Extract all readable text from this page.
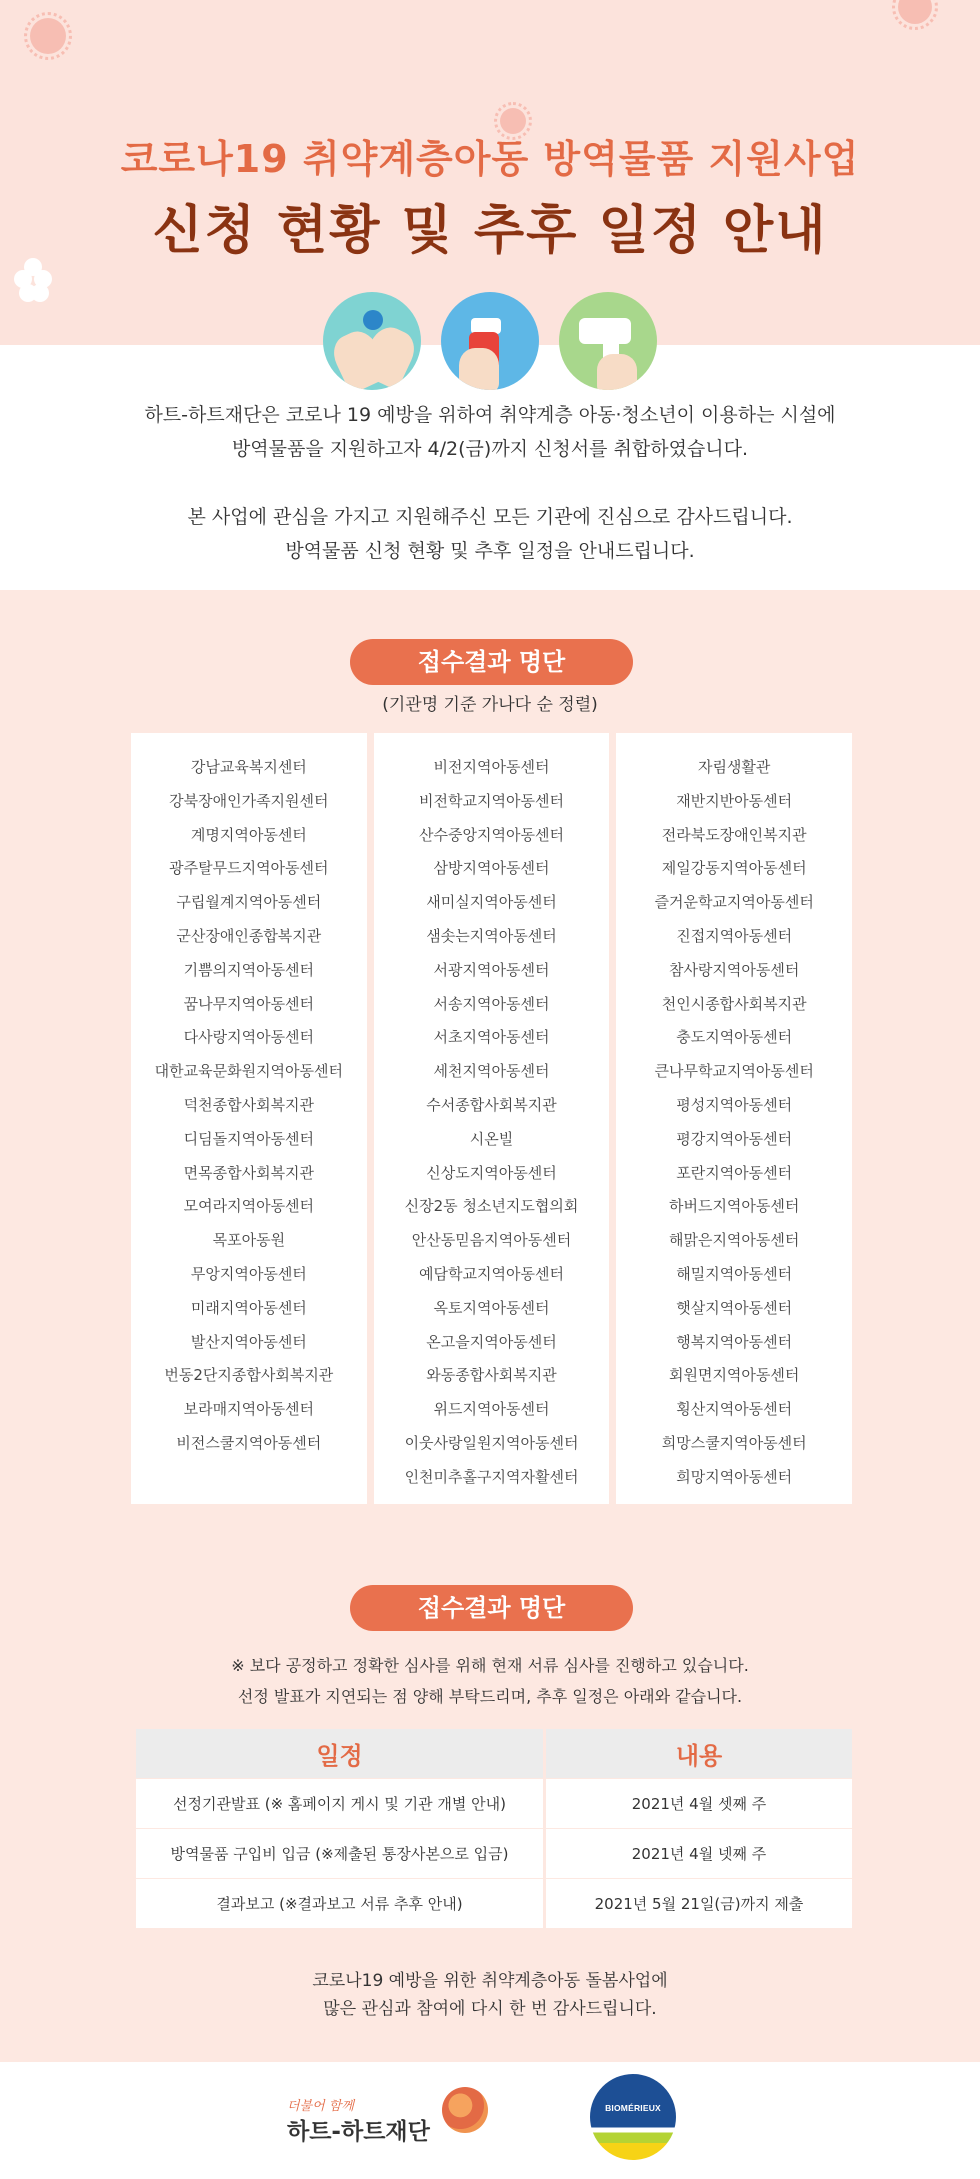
코로나19 취약계층아동 방역물품 지원사업
신청 현황 및 추후 일정 안내

하트-하트재단은 코로나 19 예방을 위하여 취약계층 아동·청소년이 이용하는 시설에

방역물품을 지원하고자 4/2(금)까지 신청서를 취합하였습니다.

본 사업에 관심을 가지고 지원해주신 모든 기관에 진심으로 감사드립니다.

방역물품 신청 현황 및 추후 일정을 안내드립니다.

접수결과 명단
(기관명 기준 가나다 순 정렬)
강남교육복지센터
강북장애인가족지원센터
계명지역아동센터
광주탈무드지역아동센터
구립월계지역아동센터
군산장애인종합복지관
기쁨의지역아동센터
꿈나무지역아동센터
다사랑지역아동센터
대한교육문화원지역아동센터
덕천종합사회복지관
디딤돌지역아동센터
면목종합사회복지관
모여라지역아동센터
목포아동원
무앙지역아동센터
미래지역아동센터
발산지역아동센터
번동2단지종합사회복지관
보라매지역아동센터
비전스쿨지역아동센터
비전지역아동센터
비전학교지역아동센터
산수중앙지역아동센터
삼방지역아동센터
새미실지역아동센터
샘솟는지역아동센터
서광지역아동센터
서송지역아동센터
서초지역아동센터
세천지역아동센터
수서종합사회복지관
시온빌
신상도지역아동센터
신장2동 청소년지도협의회
안산동믿음지역아동센터
예담학교지역아동센터
옥토지역아동센터
온고을지역아동센터
와동종합사회복지관
위드지역아동센터
이웃사랑일원지역아동센터
인천미추홀구지역자활센터
자림생활관
재반지반아동센터
전라북도장애인복지관
제일강동지역아동센터
즐거운학교지역아동센터
진접지역아동센터
참사랑지역아동센터
천인시종합사회복지관
충도지역아동센터
큰나무학교지역아동센터
평성지역아동센터
평강지역아동센터
포란지역아동센터
하버드지역아동센터
해맑은지역아동센터
해밀지역아동센터
햇살지역아동센터
행복지역아동센터
회원면지역아동센터
횡산지역아동센터
희망스쿨지역아동센터
희망지역아동센터
접수결과 명단

※ 보다 공정하고 정확한 심사를 위해 현재 서류 심사를 진행하고 있습니다.

선정 발표가 지연되는 점 양해 부탁드리며, 추후 일정은 아래와 같습니다.

일정	내용
선정기관발표 (※ 홈페이지 게시 및 기관 개별 안내)	2021년 4월 셋째 주
방역물품 구입비 입금 (※제출된 통장사본으로 입금)	2021년 4월 넷째 주
결과보고 (※결과보고 서류 추후 안내)	2021년 5월 21일(금)까지 제출

코로나19 예방을 위한 취약계층아동 돌봄사업에

많은 관심과 참여에 다시 한 번 감사드립니다.

더불어 함께
하트-하트재단
BIOMÉRIEUX
